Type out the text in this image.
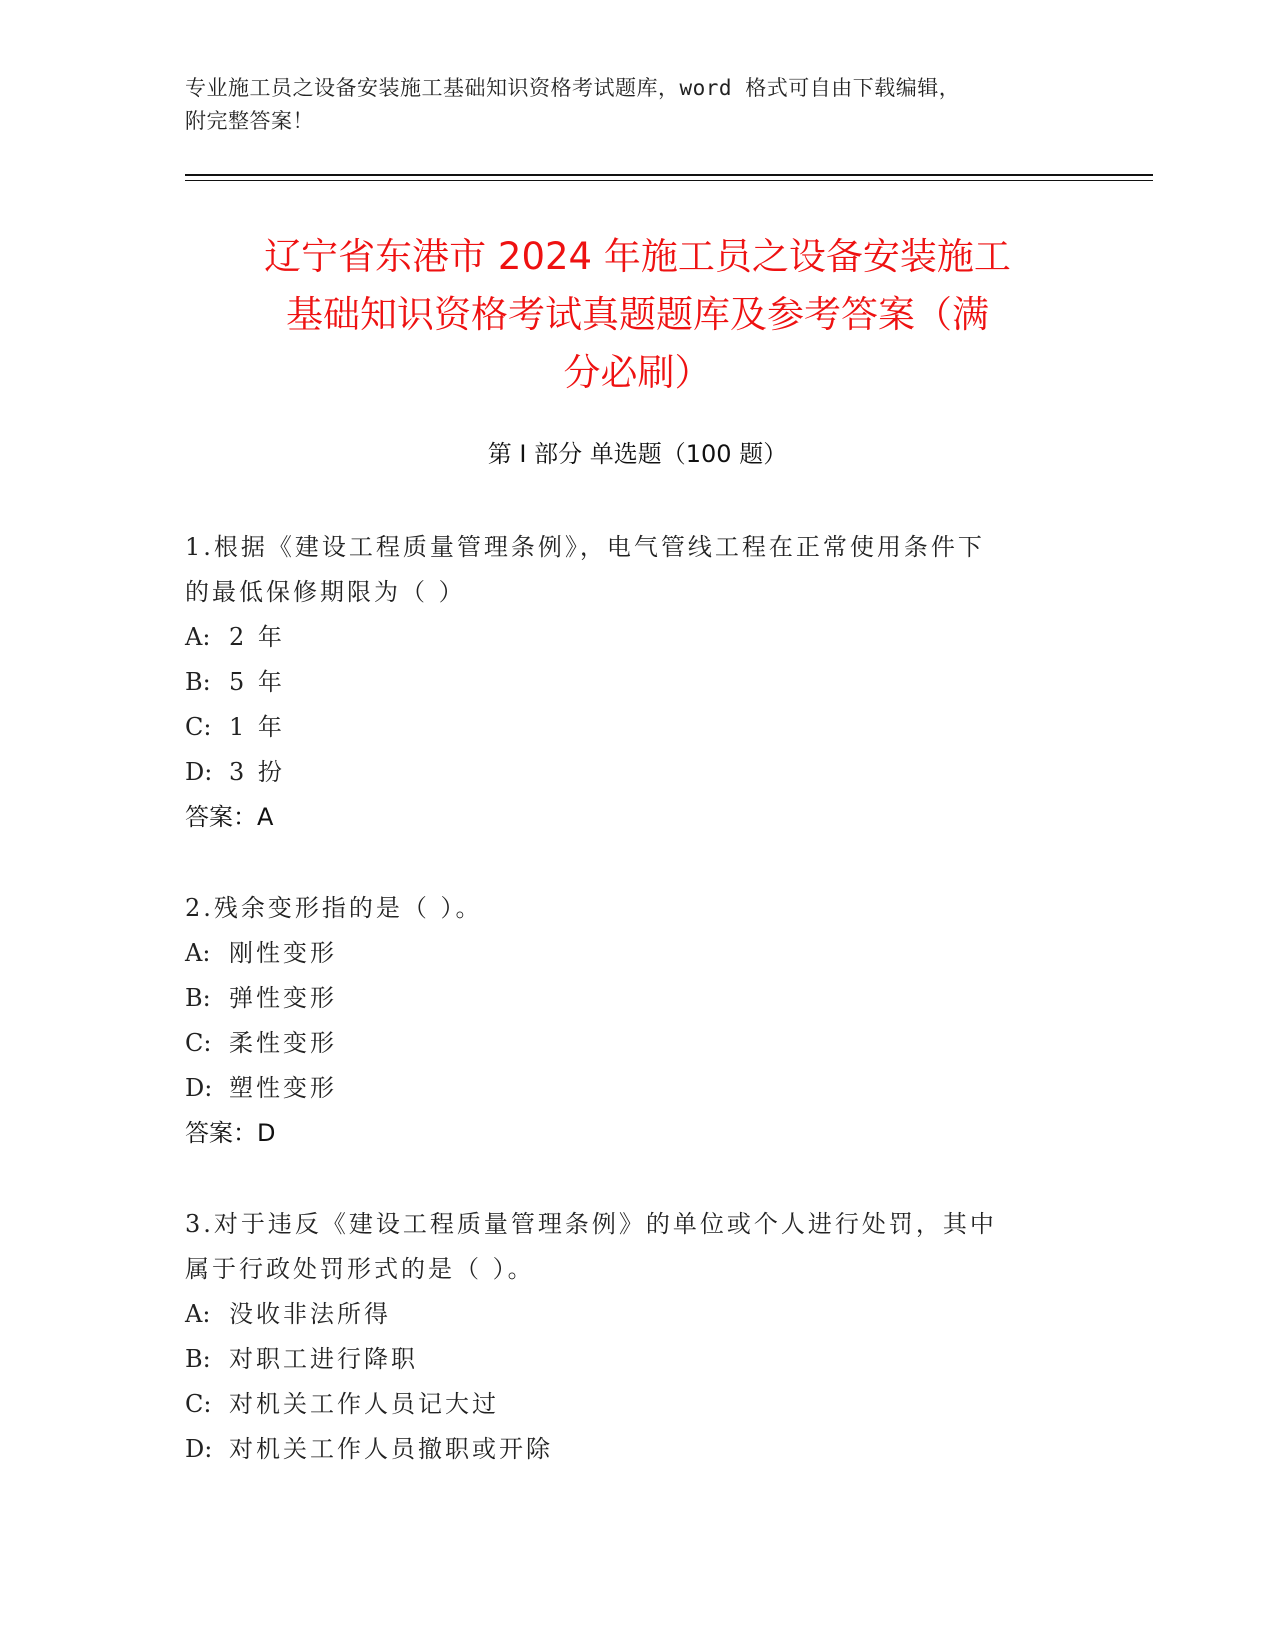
专业施工员之设备安装施工基础知识资格考试题库，word 格式可自由下载编辑，
附完整答案！
辽宁省东港市 2024 年施工员之设备安装施工
基础知识资格考试真题题库及参考答案（满
分必刷）
第 I 部分 单选题（100 题）
1.根据《建设工程质量管理条例》，电气管线工程在正常使用条件下
的最低保修期限为（ ）
A: 2 年
B: 5 年
C: 1 年
D: 3 扮
答案：A
2.残余变形指的是（ ）。
A: 刚性变形
B: 弹性变形
C: 柔性变形
D: 塑性变形
答案：D
3.对于违反《建设工程质量管理条例》的单位或个人进行处罚，其中
属于行政处罚形式的是（ ）。
A: 没收非法所得
B: 对职工进行降职
C: 对机关工作人员记大过
D: 对机关工作人员撤职或开除
